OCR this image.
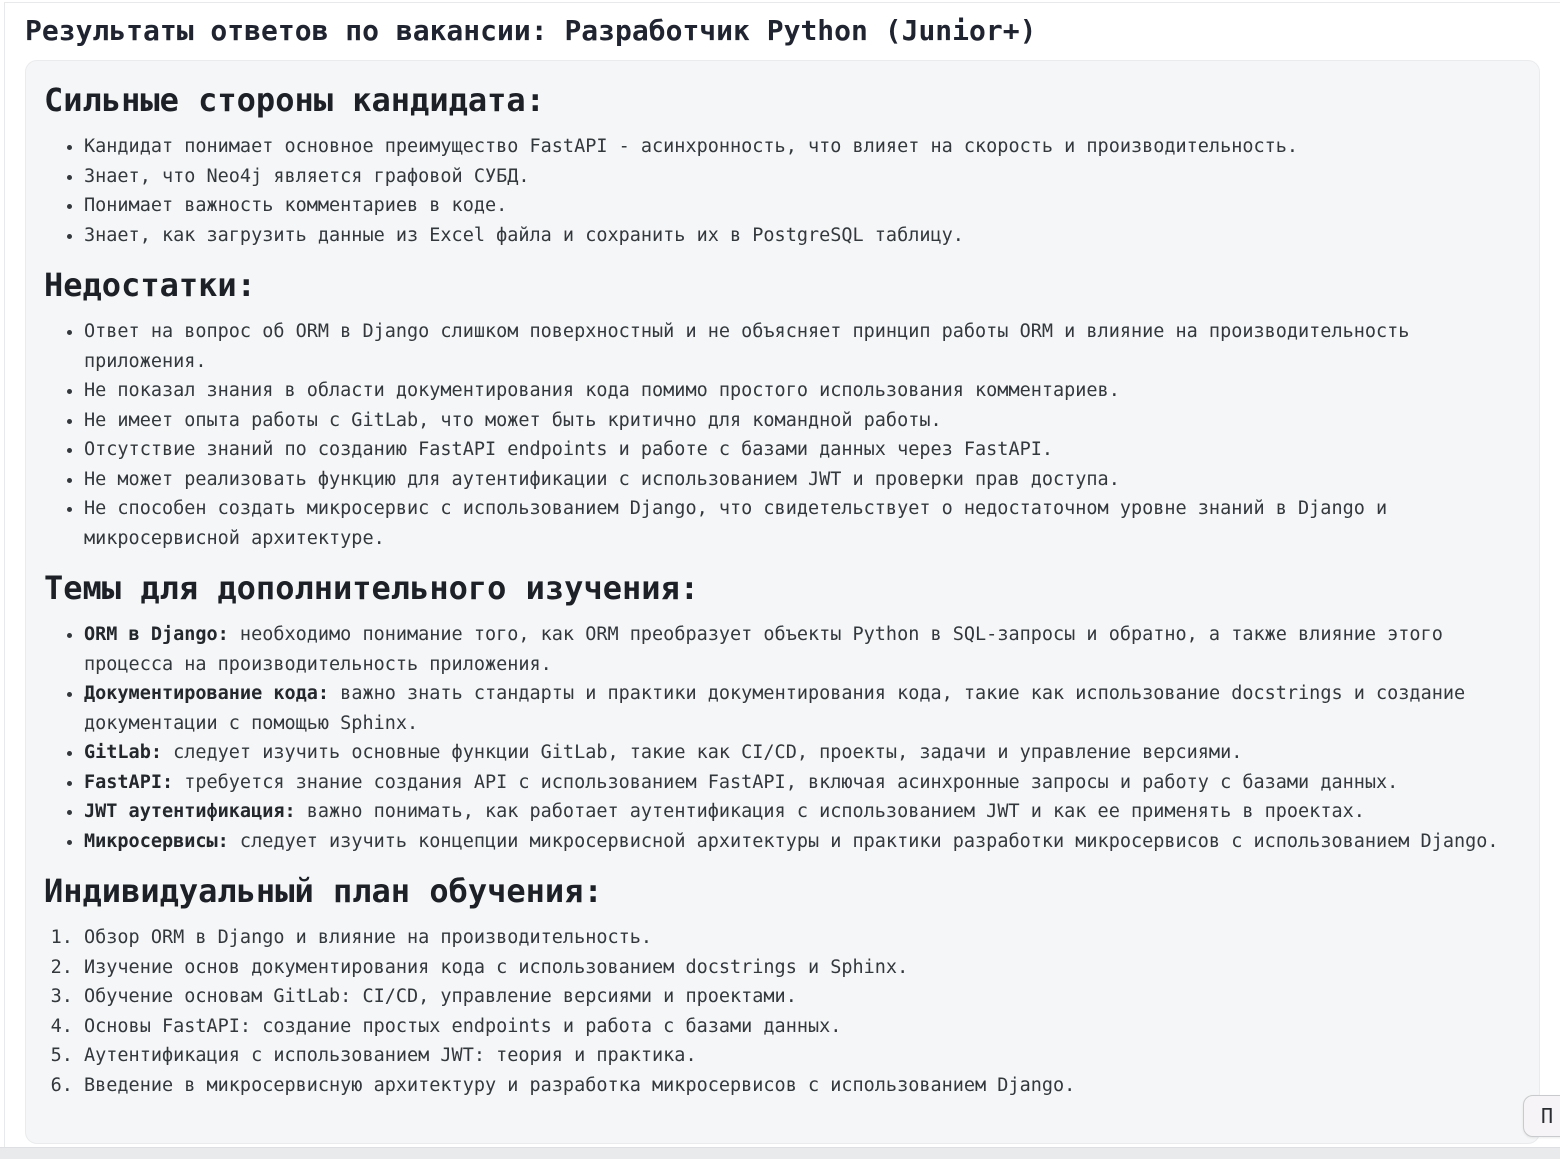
Результаты ответов по вакансии: Разработчик Python (Junior+)
Сильные стороны кандидата:
• Кандидат понимает основное преимущество FastAPI - асинхронность, что влияет на скорость и производительность.
• Знает, что Neo4j является графовой СУБД.
• Понимает важность комментариев в коде.
• Знает, как загрузить данные из Excel файла и сохранить их в PostgreSQL таблицу.
Недостатки:
• Ответ на вопрос об ORM в Django слишком поверхностный и не объясняет принцип работы ORM и влияние на производительность приложения.
• Не показал знания в области документирования кода помимо простого использования комментариев.
• Не имеет опыта работы с GitLab, что может быть критично для командной работы.
• Отсутствие знаний по созданию FastAPI endpoints и работе с базами данных через FastAPI.
• Не может реализовать функцию для аутентификации с использованием JWT и проверки прав доступа.
• Не способен создать микросервис с использованием Django, что свидетельствует о недостаточном уровне знаний в Django и микросервисной архитектуре.
Темы для дополнительного изучения:
• ORM в Django: необходимо понимание того, как ORM преобразует объекты Python в SQL-запросы и обратно, а также влияние этого процесса на производительность приложения.
• Документирование кода: важно знать стандарты и практики документирования кода, такие как использование docstrings и создание документации с помощью Sphinx.
• GitLab: следует изучить основные функции GitLab, такие как CI/CD, проекты, задачи и управление версиями.
• FastAPI: требуется знание создания API с использованием FastAPI, включая асинхронные запросы и работу с базами данных.
• JWT аутентификация: важно понимать, как работает аутентификация с использованием JWT и как ее применять в проектах.
• Микросервисы: следует изучить концепции микросервисной архитектуры и практики разработки микросервисов с использованием Django.
Индивидуальный план обучения:
1. Обзор ORM в Django и влияние на производительность.
2. Изучение основ документирования кода с использованием docstrings и Sphinx.
3. Обучение основам GitLab: CI/CD, управление версиями и проектами.
4. Основы FastAPI: создание простых endpoints и работа с базами данных.
5. Аутентификация с использованием JWT: теория и практика.
6. Введение в микросервисную архитектуру и разработка микросервисов с использованием Django.
П
